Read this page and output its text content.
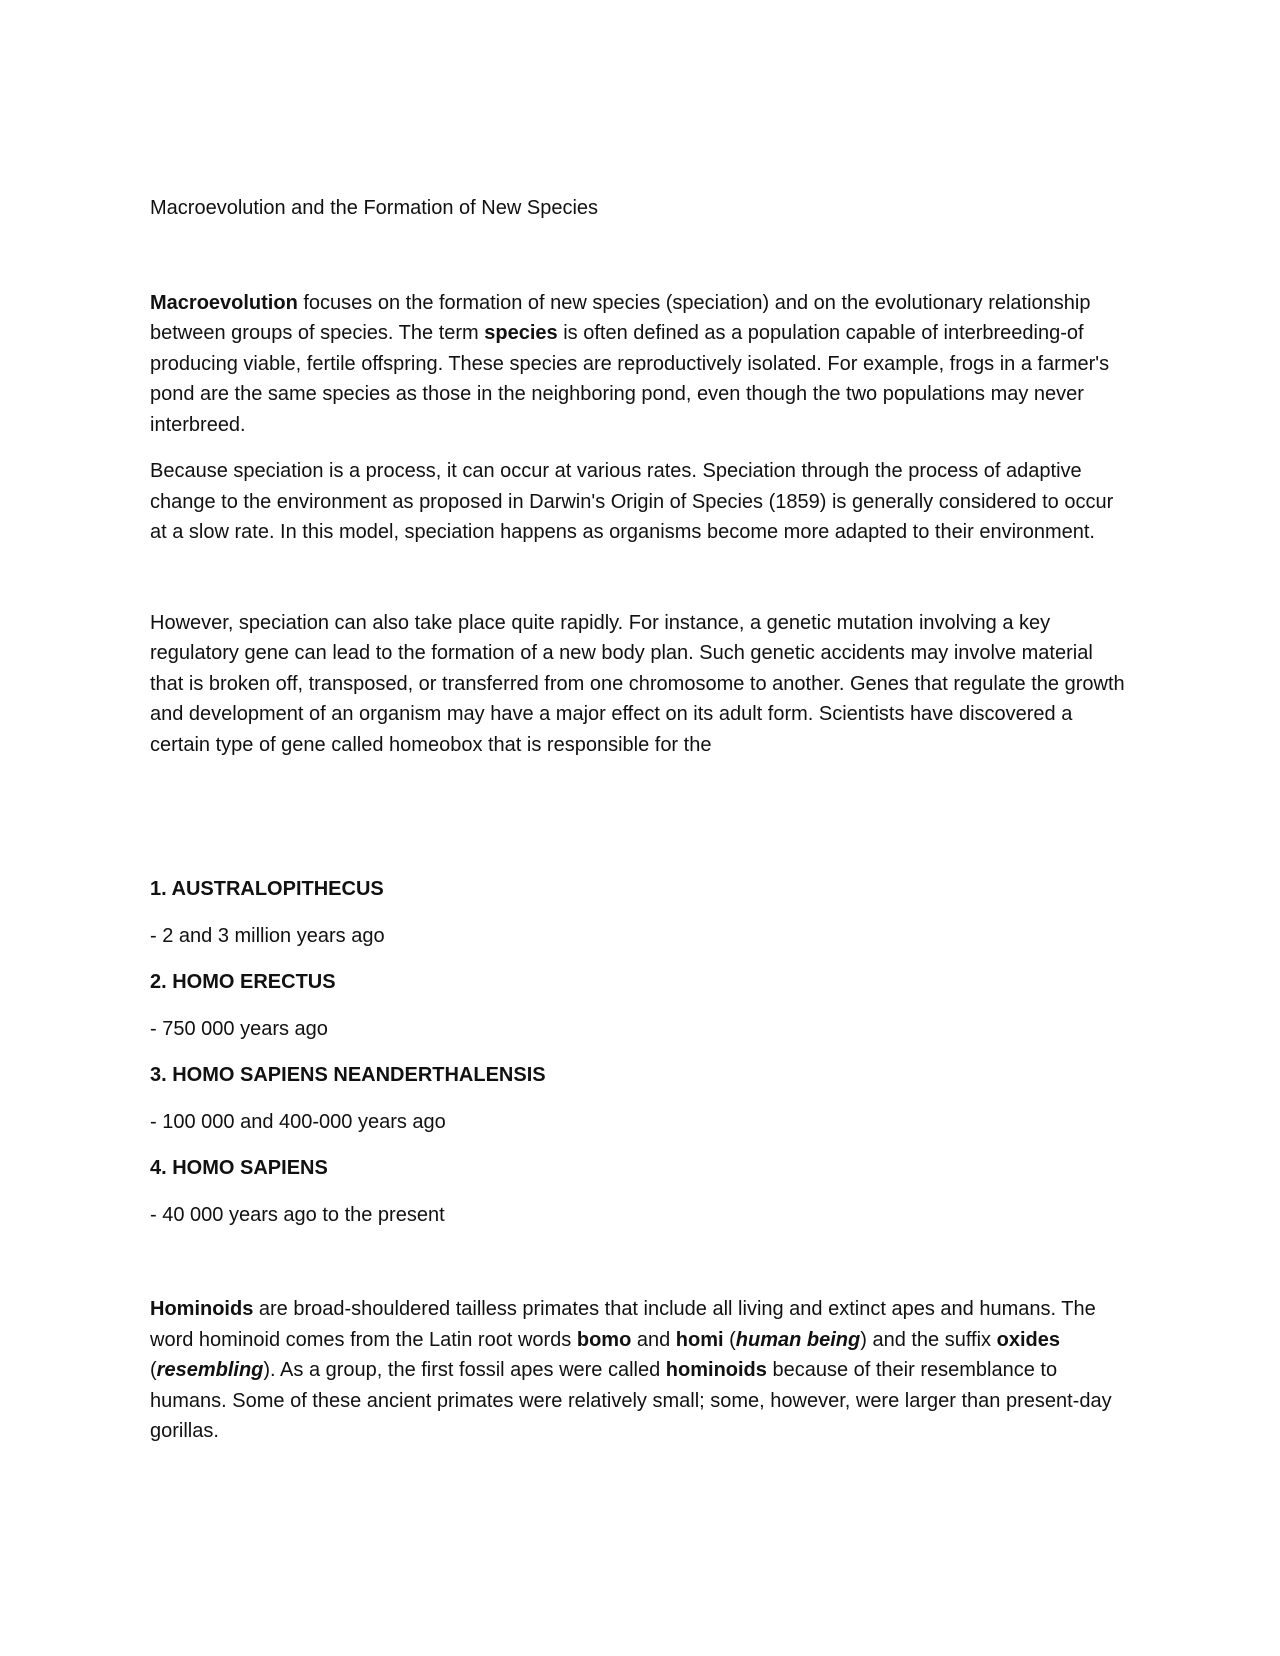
Macroevolution and the Formation of New Species

Macroevolution focuses on the formation of new species (speciation) and on the evolutionary relationship between groups of species. The term species is often defined as a population capable of interbreeding-of producing viable, fertile offspring. These species are reproductively isolated. For example, frogs in a farmer's pond are the same species as those in the neighboring pond, even though the two populations may never interbreed.

Because speciation is a process, it can occur at various rates. Speciation through the process of adaptive change to the environment as proposed in Darwin's Origin of Species (1859) is generally considered to occur at a slow rate. In this model, speciation happens as organisms become more adapted to their environment.

However, speciation can also take place quite rapidly. For instance, a genetic mutation involving a key regulatory gene can lead to the formation of a new body plan. Such genetic accidents may involve material that is broken off, transposed, or transferred from one chromosome to another. Genes that regulate the growth and development of an organism may have a major effect on its adult form. Scientists have discovered a certain type of gene called homeobox that is responsible for the

1. AUSTRALOPITHECUS

- 2 and 3 million years ago

2. HOMO ERECTUS

- 750 000 years ago

3. HOMO SAPIENS NEANDERTHALENSIS

- 100 000 and 400-000 years ago

4. HOMO SAPIENS

- 40 000 years ago to the present

Hominoids are broad-shouldered tailless primates that include all living and extinct apes and humans. The word hominoid comes from the Latin root words bomo and homi (human being) and the suffix oxides (resembling). As a group, the first fossil apes were called hominoids because of their resemblance to humans. Some of these ancient primates were relatively small; some, however, were larger than present-day gorillas.
